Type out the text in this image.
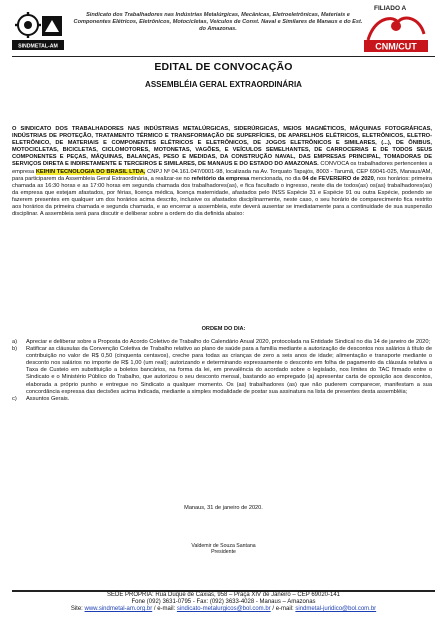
SINDMETAL-AM
Sindicato dos Trabalhadores nas Indústrias Metalúrgicas, Mecânicas, Eletroeletrônicas, Materiais e Componentes Elétricos, Eletrônicos, Motocicletas, Veículos de Const. Naval e Similares de Manaus e do Est. do Amazonas.
FILIADO A
CNM/CUT
EDITAL DE CONVOCAÇÃO
ASSEMBLÉIA GERAL EXTRAORDINÁRIA
O SINDICATO DOS TRABALHADORES NAS INDÚSTRIAS METALÚRGICAS, SIDERÚRGICAS, MEIOS MAGNÉTICOS, MÁQUINAS FOTOGRÁFICAS, INDÚSTRIAS DE PROTEÇÃO, TRATAMENTO TÉRMICO E TRANSFORMAÇÃO DE SUPERFÍCIES, DE APARELHOS ELÉTRICOS, ELETRÔNICOS, ELETRO-ELETRÔNICO, DE MATERIAIS E COMPONENTES ELÉTRICOS E ELETRÔNICOS, DE JOGOS ELETRÔNICOS E SIMILARES, (...), DE ÔNIBUS, MOTOCICLETAS, BICICLETAS, CICLOMOTORES, MOTONETAS, VAGÕES, E VEÍCULOS SEMELHANTES, DE CARROCERIAS E DE TODOS SEUS COMPONENTES E PEÇAS, MÁQUINAS, BALANÇAS, PESO E MEDIDAS, DA CONSTRUÇÃO NAVAL, DAS EMPRESAS PRINCIPAL, TOMADORAS DE SERVIÇOS DIRETA E INDIRETAMENTE E TERCEIROS E SIMILARES, DE MANAUS E DO ESTADO DO AMAZONAS. CONVOCA os trabalhadores pertencentes a empresa KEIHIN TECNOLOGIA DO BRASIL LTDA, CNPJ Nº 04.161.047/0001-98, localizada na Av. Torquato Tapajós, 8003 - Tarumã, CEP 69041-025, Manaus/AM, para participarem da Assembleia Geral Extraordinária, a realizar-se no refeitório da empresa mencionada, no dia 04 de FEVEREIRO de 2020, nos horários: primeira chamada as 16:30 horas e as 17:00 horas em segunda chamada dos trabalhadores(as), e fica facultado o ingresso, neste dia de todos(as) os(as) trabalhadores(as) da empresa que estejam afastados, por férias, licença médica, licença maternidade, afastados pelo INSS Espécie 31 e Espécie 91 ou outra Espécie, podendo se fazerem presentes em qualquer um dos horários acima descrito, inclusive os afastados disciplinarmente, neste caso, o seu horário de comparecimento fica restrito aos horários da primeira chamada e segunda chamada, e ao encerrar a assembleia, este deverá ausentar se imediatamente para a continuidade de sua suspensão disciplinar. A assembleia será para discutir e deliberar sobre a ordem do dia definida abaixo:
ORDEM DO DIA:
a)	Apreciar e deliberar sobre a Proposta do Acordo Coletivo de Trabalho do Calendário Anual 2020, protocolada na Entidade Sindical no dia 14 de janeiro de 2020;
b)	Ratificar as cláusulas da Convenção Coletiva de Trabalho relativo ao plano de saúde para a família mediante a autorização de descontos nos salários à título de contribuição no valor de R$ 0,50 (cinquenta centavos), creche para todas as crianças de zero a seis anos de idade; alimentação e transporte mediante o desconto nos salários no importe de R$ 1,00 (um real); autorizando e determinando expressamente o desconto em folha de pagamento da cláusula relativa a Taxa de Custeio em substituição a boletos bancários, na forma da lei, em prevalência do acordado sobre o legislado, nos limites do TAC firmado entre o Sindicato e o Ministério Público do Trabalho, que autorizou o seu desconto mensal, bastando ao empregado (a) apresentar carta de oposição aos descontos, elaborada a próprio punho e entregue no Sindicato a qualquer momento. Os (as) trabalhadores (as) que não puderem comparecer, manifestam a sua concordância expressa das decisões acima indicada, mediante a simples modalidade de postar sua assinatura na lista de presentes desta assembléia;
c)	Assuntos Gerais.
Manaus, 31 de janeiro de 2020.
Valdemir de Souza Santana
Presidente
SEDE PRÓPRIA: Rua Duque de Caxias, 958 – Praça XIV de Janeiro – CEP 69020-141
Fone (092) 3631-0795 - Fax: (092) 3633-4028 - Manaus – Amazonas
Site: www.sindmetal-am.org.br / e-mail: sindicato-metalurgicos@bol.com.br / e-mail: sindmetal-juridico@bol.com.br
